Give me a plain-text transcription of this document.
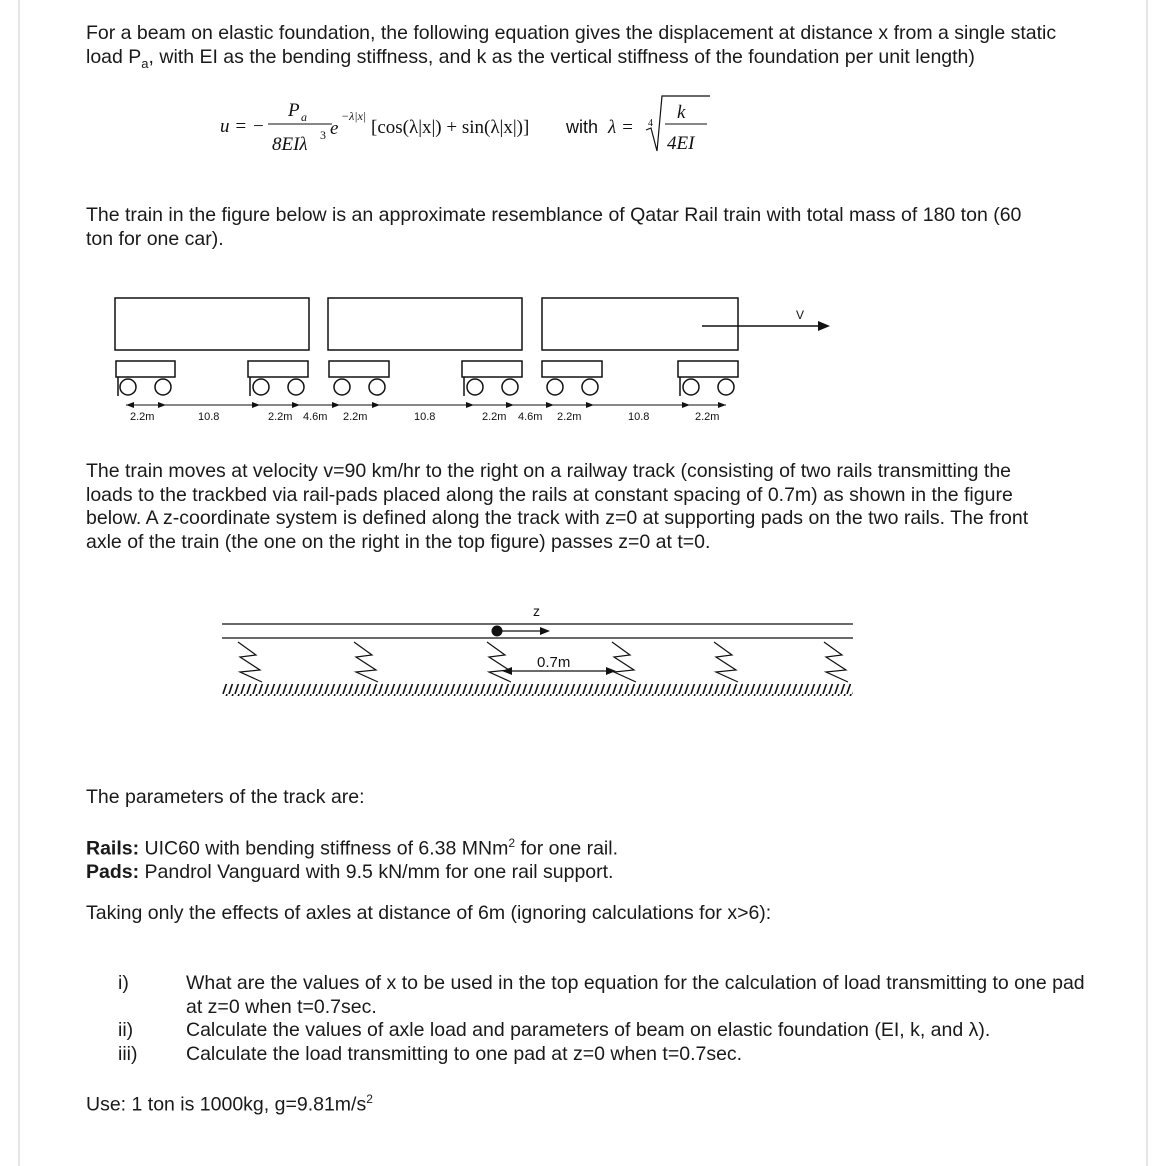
For a beam on elastic foundation, the following equation gives the displacement at distance x from a single static
load $P_a$, with EI as the bending stiffness, and k as the vertical stiffness of the foundation per unit length)

u = −
P a
8EIλ 3 e
−λ|x|
[cos(λ|x|) + sin(λ|x|)] with λ = 4
k
4EI

The train in the figure below is an approximate resemblance of Qatar Rail train with total mass of 180 ton (60
ton for one car).

V
2.2m	10.8	2.2m 4.6m 2.2m	10.8	2.2m 4.6m 2.2m	10.8	2.2m

The train moves at velocity v=90 km/hr to the right on a railway track (consisting of two rails transmitting the
loads to the trackbed via rail-pads placed along the rails at constant spacing of 0.7m) as shown in the figure
below. A z-coordinate system is defined along the track with z=0 at supporting pads on the two rails. The front
axle of the train (the one on the right in the top figure) passes z=0 at t=0.

z
0.7m

The parameters of the track are:

Rails: UIC60 with bending stiffness of 6.38 MNm$^2$ for one rail.
Pads: Pandrol Vanguard with 9.5 kN/mm for one rail support.

Taking only the effects of axles at distance of 6m (ignoring calculations for x>6):

i)	What are the values of x to be used in the top equation for the calculation of load transmitting to one pad at z=0 when t=0.7sec.
ii)	Calculate the values of axle load and parameters of beam on elastic foundation (EI, k, and λ).
iii)	Calculate the load transmitting to one pad at z=0 when t=0.7sec.

Use: 1 ton is 1000kg, $g=9.81m/s^2$
